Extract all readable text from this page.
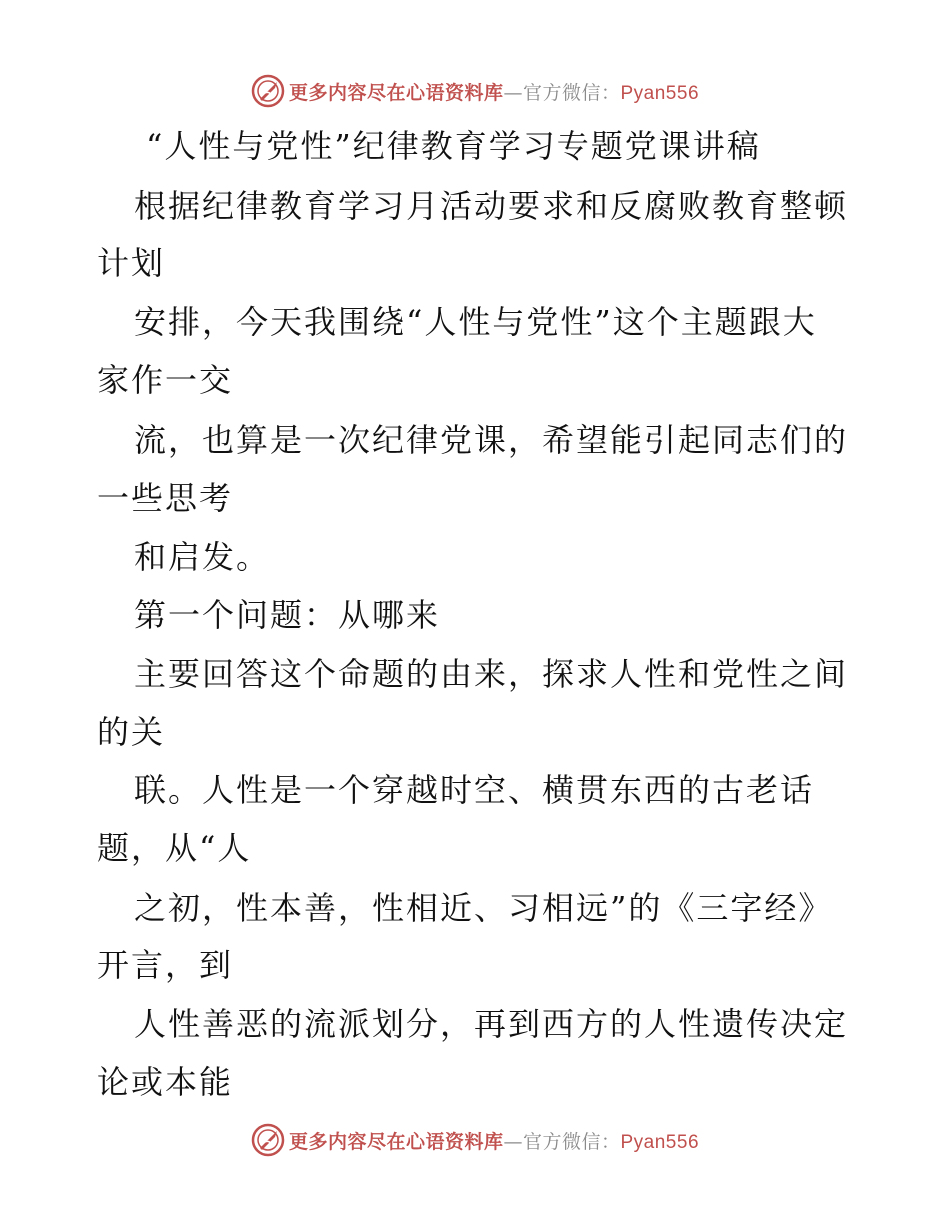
更多内容尽在心语资料库—官方微信：Pyan556
“人性与党性”纪律教育学习专题党课讲稿
根据纪律教育学习月活动要求和反腐败教育整顿
计划
安排，今天我围绕“人性与党性”这个主题跟大
家作一交
流，也算是一次纪律党课，希望能引起同志们的
一些思考
和启发。
第一个问题：从哪来
主要回答这个命题的由来，探求人性和党性之间
的关
联。人性是一个穿越时空、横贯东西的古老话
题，从“人
之初，性本善，性相近、习相远”的《三字经》
开言，到
人性善恶的流派划分，再到西方的人性遗传决定
论或本能
更多内容尽在心语资料库—官方微信：Pyan556
